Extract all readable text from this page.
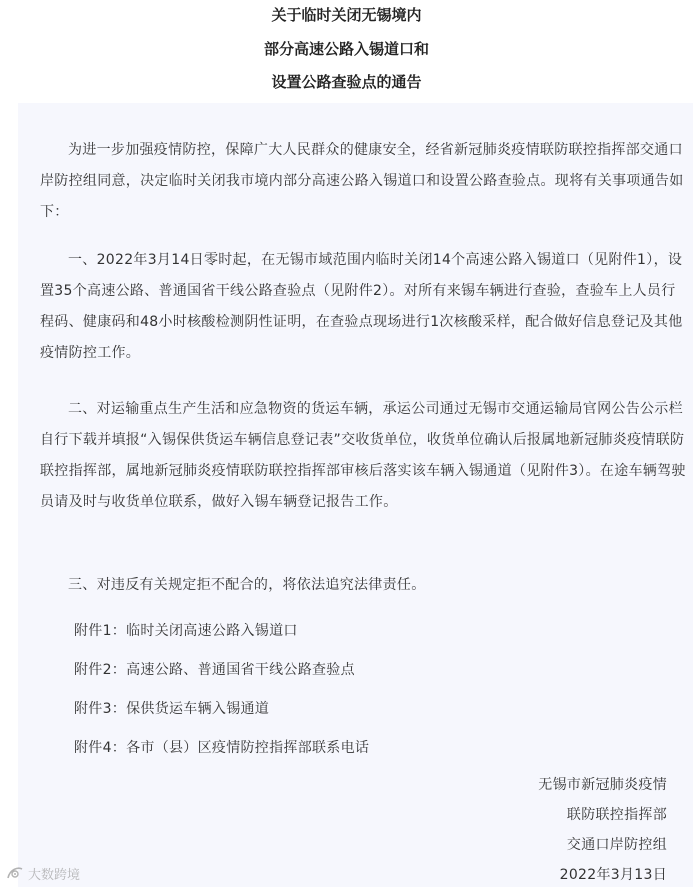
关于临时关闭无锡境内
部分高速公路入锡道口和
设置公路查验点的通告

为进一步加强疫情防控，保障广大人民群众的健康安全，经省新冠肺炎疫情联防联控指挥部交通口岸防控组同意，决定临时关闭我市境内部分高速公路入锡道口和设置公路查验点。现将有关事项通告如下：

一、2022年3月14日零时起，在无锡市域范围内临时关闭14个高速公路入锡道口（见附件1），设置35个高速公路、普通国省干线公路查验点（见附件2）。对所有来锡车辆进行查验，查验车上人员行程码、健康码和48小时核酸检测阴性证明，在查验点现场进行1次核酸采样，配合做好信息登记及其他疫情防控工作。

二、对运输重点生产生活和应急物资的货运车辆，承运公司通过无锡市交通运输局官网公告公示栏自行下载并填报“入锡保供货运车辆信息登记表”交收货单位，收货单位确认后报属地新冠肺炎疫情联防联控指挥部，属地新冠肺炎疫情联防联控指挥部审核后落实该车辆入锡通道（见附件3）。在途车辆驾驶员请及时与收货单位联系，做好入锡车辆登记报告工作。

三、对违反有关规定拒不配合的，将依法追究法律责任。

附件1：临时关闭高速公路入锡道口
附件2：高速公路、普通国省干线公路查验点
附件3：保供货运车辆入锡通道
附件4：各市（县）区疫情防控指挥部联系电话
无锡市新冠肺炎疫情
联防联控指挥部
交通口岸防控组
2022年3月13日
大数跨境
